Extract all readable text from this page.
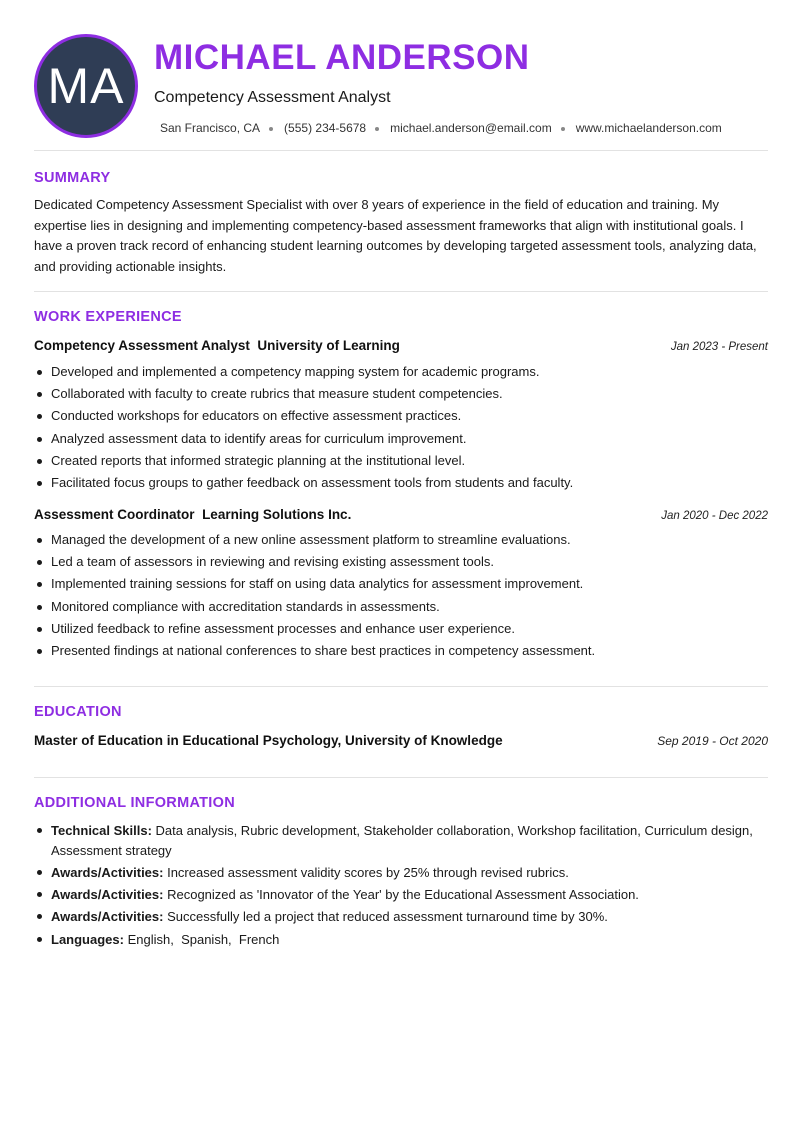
MA
MICHAEL ANDERSON
Competency Assessment Analyst
San Francisco, CA (555) 234-5678 michael.anderson@email.com www.michaelanderson.com
SUMMARY

Dedicated Competency Assessment Specialist with over 8 years of experience in the field of education and training. My expertise lies in designing and implementing competency-based assessment frameworks that align with institutional goals. I have a proven track record of enhancing student learning outcomes by developing targeted assessment tools, analyzing data, and providing actionable insights.

WORK EXPERIENCE
Competency Assessment Analyst University of Learning	Jan 2023 - Present
Developed and implemented a competency mapping system for academic programs.
Collaborated with faculty to create rubrics that measure student competencies.
Conducted workshops for educators on effective assessment practices.
Analyzed assessment data to identify areas for curriculum improvement.
Created reports that informed strategic planning at the institutional level.
Facilitated focus groups to gather feedback on assessment tools from students and faculty.
Assessment Coordinator Learning Solutions Inc.	Jan 2020 - Dec 2022
Managed the development of a new online assessment platform to streamline evaluations.
Led a team of assessors in reviewing and revising existing assessment tools.
Implemented training sessions for staff on using data analytics for assessment improvement.
Monitored compliance with accreditation standards in assessments.
Utilized feedback to refine assessment processes and enhance user experience.
Presented findings at national conferences to share best practices in competency assessment.
EDUCATION
Master of Education in Educational Psychology, University of Knowledge	Sep 2019 - Oct 2020
ADDITIONAL INFORMATION
Technical Skills: Data analysis, Rubric development, Stakeholder collaboration, Workshop facilitation, Curriculum design, Assessment strategy
Awards/Activities: Increased assessment validity scores by 25% through revised rubrics.
Awards/Activities: Recognized as 'Innovator of the Year' by the Educational Assessment Association.
Awards/Activities: Successfully led a project that reduced assessment turnaround time by 30%.
Languages: English,  Spanish,  French
